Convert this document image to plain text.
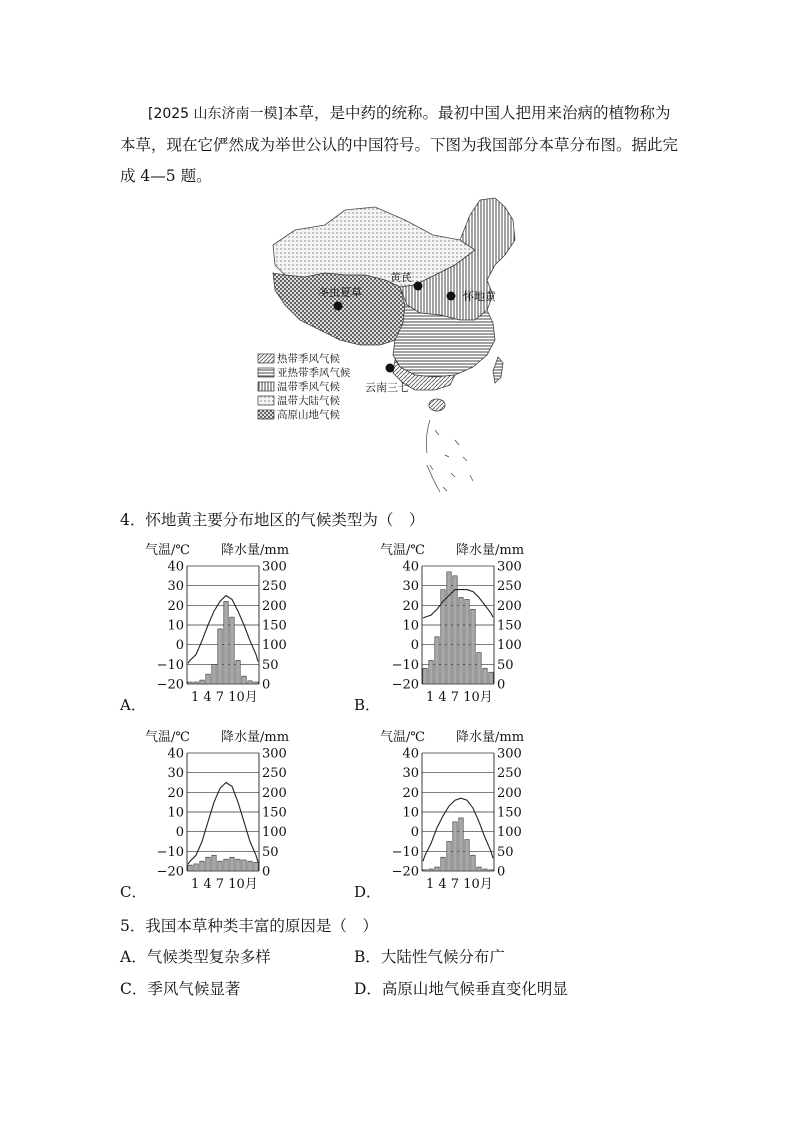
[2025 山东济南一模]本草，是中药的统称。最初中国人把用来治病的植物称为本草，现在它俨然成为举世公认的中国符号。下图为我国部分本草分布图。据此完成 4—5 题。

黄芪
冬虫夏草	怀地黄
云南三七
热带季风气候
亚热带季风气候
温带季风气候
温带大陆气候
高原山地气候

4．怀地黄主要分布地区的气候类型为（　）

气温/℃ 降水量/mm
40	300
30	250
20	200
10	150
0	100
−10	50
−20	0
1 4 7 10月
A．
气温/℃ 降水量/mm
40	300
30	250
20	200
10	150
0	100
−10	50
−20	0
1 4 7 10月
B．
气温/℃ 降水量/mm
40	300
30	250
20	200
10	150
0	100
−10	50
−20	0
1 4 7 10月
C．
气温/℃ 降水量/mm
40	300
30	250
20	200
10	150
0	100
−10	50
−20	0
1 4 7 10月
D．

5．我国本草种类丰富的原因是（　）

A．气候类型复杂多样	B．大陆性气候分布广
C．季风气候显著	D．高原山地气候垂直变化明显
